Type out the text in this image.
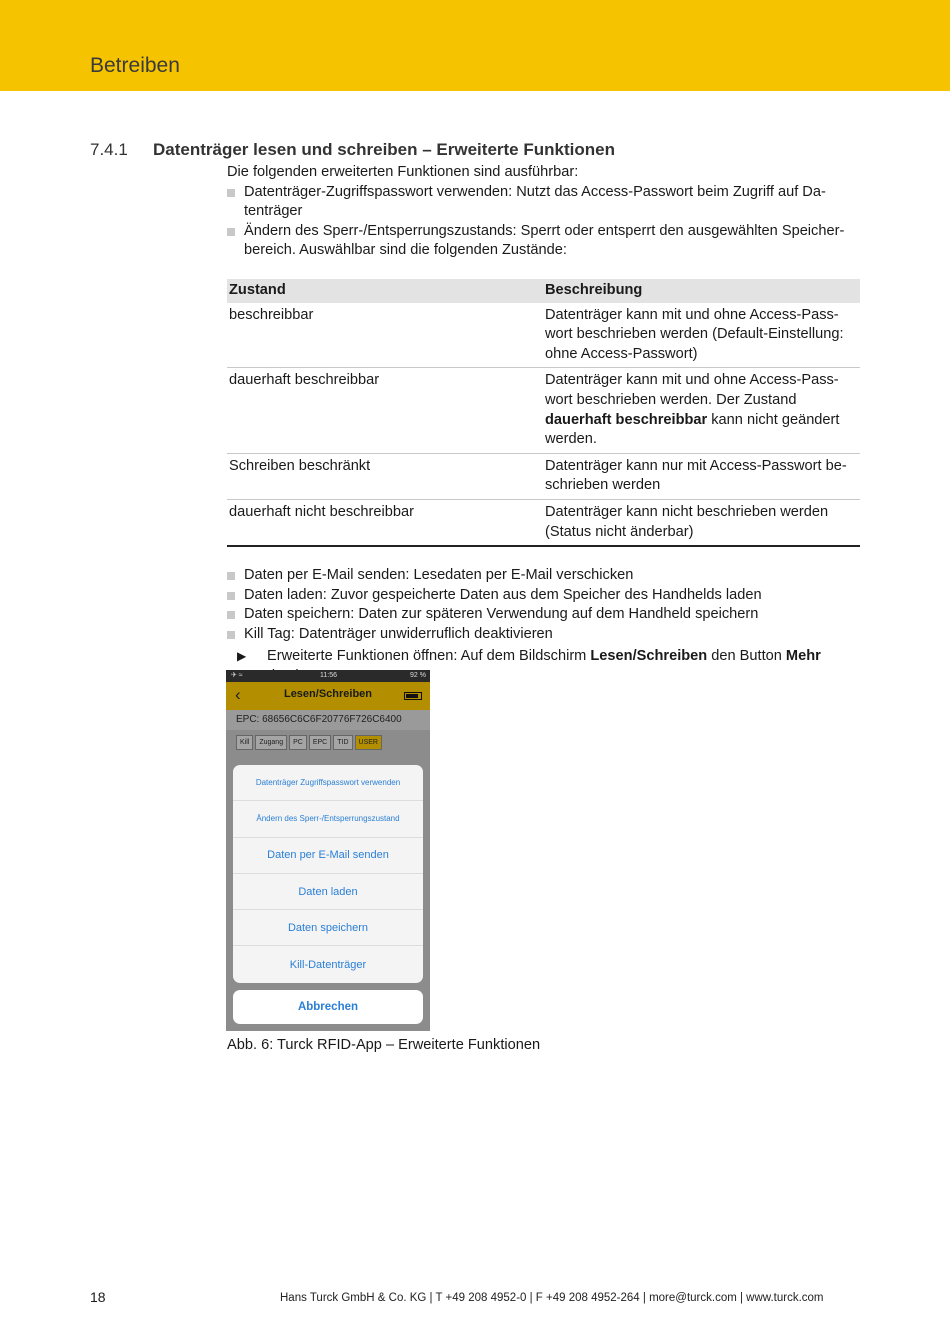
Betreiben
7.4.1 Datenträger lesen und schreiben – Erweiterte Funktionen

Die folgenden erweiterten Funktionen sind ausführbar:

Datenträger-Zugriffspasswort verwenden: Nutzt das Access-Passwort beim Zugriff auf Da-tenträger
Ändern des Sperr-/Entsperrungszustands: Sperrt oder entsperrt den ausgewählten Speicher-bereich. Auswählbar sind die folgenden Zustände:
Zustand	Beschreibung
beschreibbar	Datenträger kann mit und ohne Access-Pass-wort beschrieben werden (Default-Einstellung: ohne Access-Passwort)
dauerhaft beschreibbar	Datenträger kann mit und ohne Access-Pass-wort beschrieben werden. Der Zustand dauerhaft beschreibbar kann nicht geändert werden.
Schreiben beschränkt	Datenträger kann nur mit Access-Passwort be-schrieben werden
dauerhaft nicht beschreibbar	Datenträger kann nicht beschrieben werden (Status nicht änderbar)
Daten per E-Mail senden: Lesedaten per E-Mail verschicken
Daten laden: Zuvor gespeicherte Daten aus dem Speicher des Handhelds laden
Daten speichern: Daten zur späteren Verwendung auf dem Handheld speichern
Kill Tag: Datenträger unwiderruflich deaktivieren

▶ Erweiterte Funktionen öffnen: Auf dem Bildschirm Lesen/Schreiben den Button Mehr

✈ ≈	11:56	92 %
‹	Lesen/Schreiben
EPC: 68656C6C6F20776F726C6400
Kill	Zugang	PC	EPC	TID	USER
Datenträger Zugriffspasswort verwenden
Ändern des Sperr-/Entsperrungszustand
Daten per E-Mail senden
Daten laden
Daten speichern
Kill-Datenträger
Abbrechen
Abb. 6: Turck RFID-App – Erweiterte Funktionen
18	Hans Turck GmbH & Co. KG | T +49 208 4952-0 | F +49 208 4952-264 | more@turck.com | www.turck.com
